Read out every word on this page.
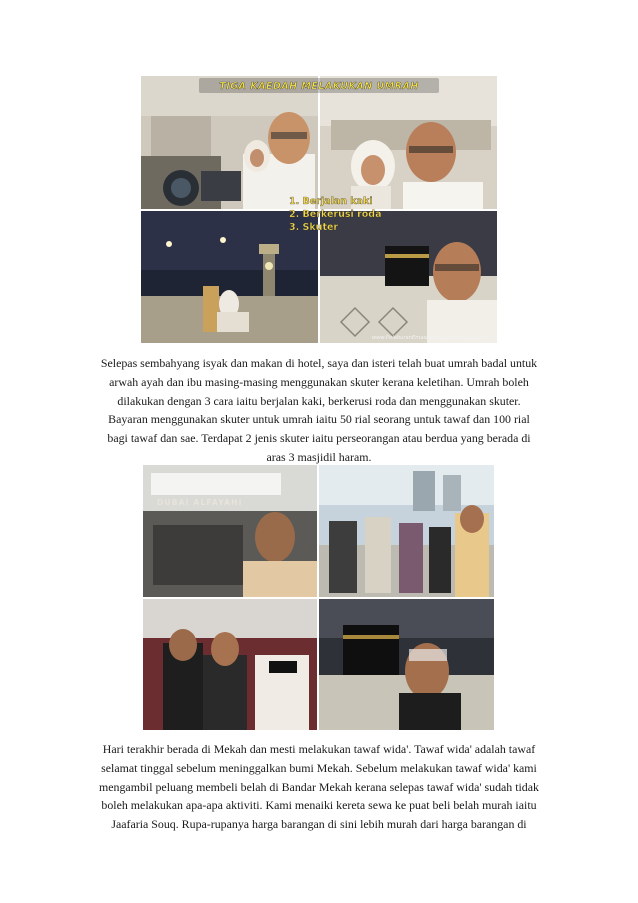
TIGA KAEDAH MELAKUKAN UMRAH
1. Berjalan kaki
2. Berkerusi roda
3. Skuter
www.PelaburanEmasPublicGoldMalaysia.com
Selepas sembahyang isyak dan makan di hotel, saya dan isteri telah buat umrah badal untuk
arwah ayah dan ibu masing-masing menggunakan skuter kerana keletihan. Umrah boleh
dilakukan dengan 3 cara iaitu berjalan kaki, berkerusi roda dan menggunakan skuter.
Bayaran menggunakan skuter untuk umrah iaitu 50 rial seorang untuk tawaf dan 100 rial
bagi tawaf dan sae. Terdapat 2 jenis skuter iaitu perseorangan atau berdua yang berada di
aras 3 masjidil haram.
DUBAI ALFAYAHI
Hari terakhir berada di Mekah dan mesti melakukan tawaf wida'. Tawaf wida' adalah tawaf
selamat tinggal sebelum meninggalkan bumi Mekah. Sebelum melakukan tawaf wida' kami
mengambil peluang membeli belah di Bandar Mekah kerana selepas tawaf wida' sudah tidak
boleh melakukan apa-apa aktiviti. Kami menaiki kereta sewa ke puat beli belah murah iaitu
Jaafaria Souq. Rupa-rupanya harga barangan di sini lebih murah dari harga barangan di
